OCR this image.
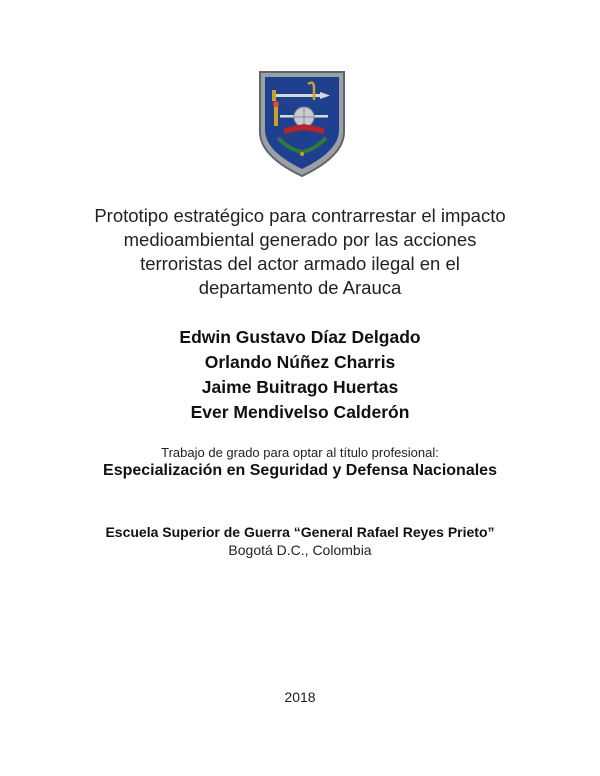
Prototipo estratégico para contrarrestar el impacto
medioambiental generado por las acciones
terroristas del actor armado ilegal en el
departamento de Arauca
Edwin Gustavo Díaz Delgado
Orlando Núñez Charris
Jaime Buitrago Huertas
Ever Mendivelso Calderón
Trabajo de grado para optar al título profesional:
Especialización en Seguridad y Defensa Nacionales
Escuela Superior de Guerra “General Rafael Reyes Prieto”
Bogotá D.C., Colombia
2018
